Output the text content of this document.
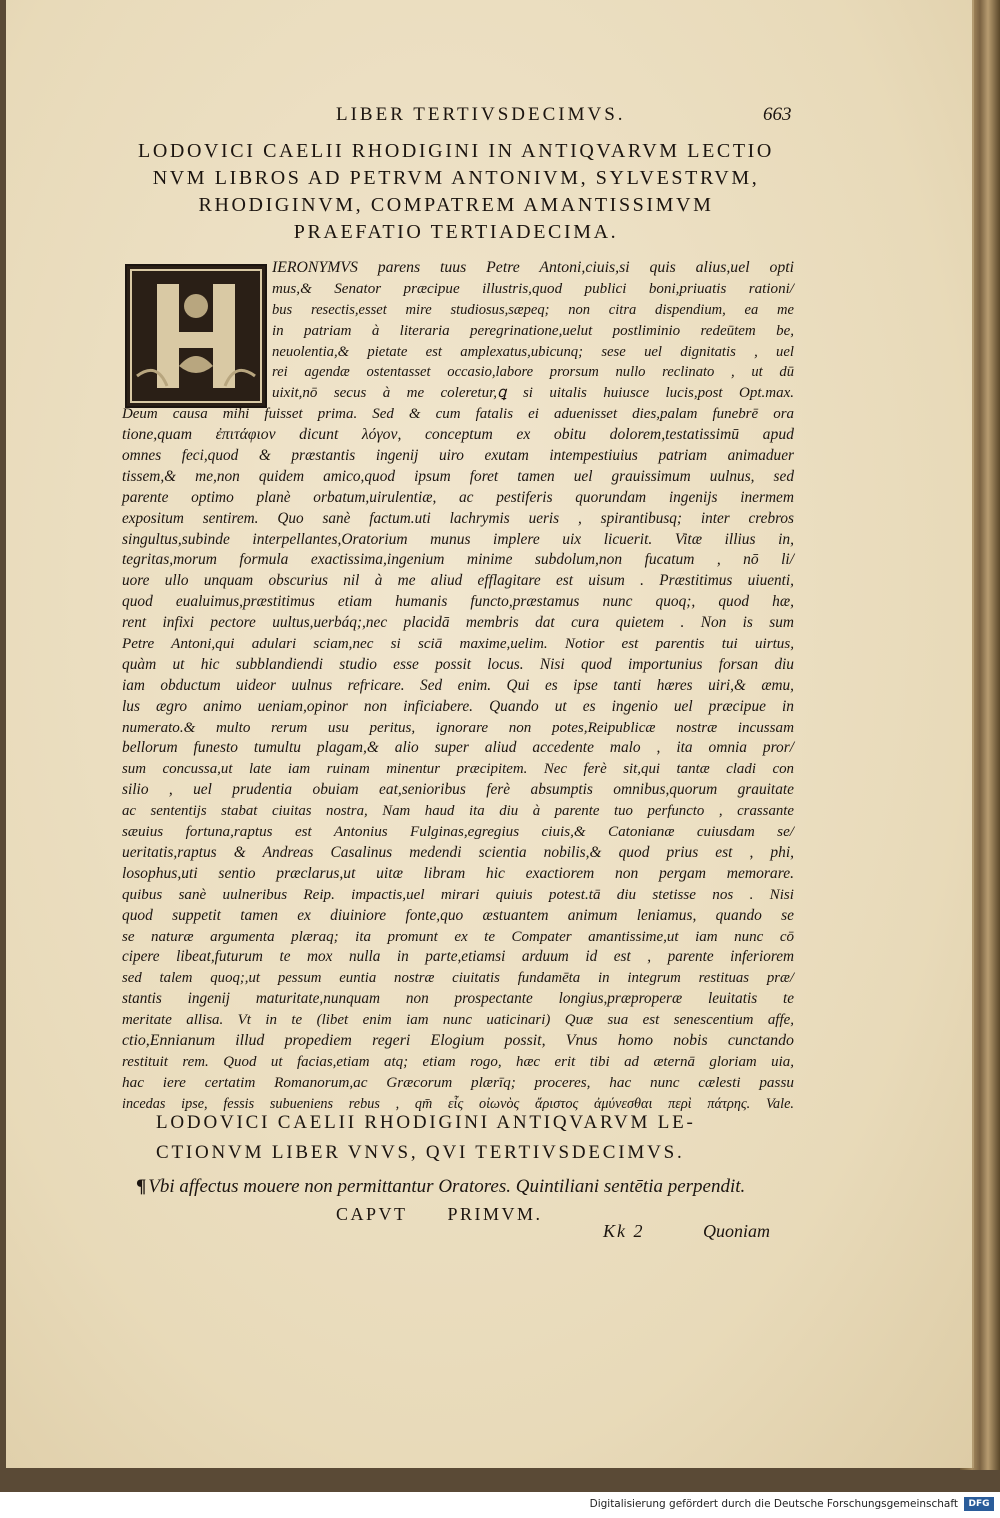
LIBER TERTIVSDECIMVS.	663
LODOVICI CAELII RHODIGINI IN ANTIQVARVM LECTIO
NVM LIBROS AD PETRVM ANTONIVM, SYLVESTRVM,
RHODIGINVM, COMPATREM AMANTISSIMVM
PRAEFATIO TERTIADECIMA.
IERONYMVS parens tuus Petre Antoni,ciuis,si quis alius,uel opti
mus,& Senator præcipue illustris,quod publici boni,priuatis rationi/
bus resectis,esset mire studiosus,sæpeq; non citra dispendium, ea me
in patriam à literaria peregrinatione,uelut postliminio redeūtem be,
neuolentia,& pietate est amplexatus,ubicunq; sese uel dignitatis , uel
rei agendæ ostentasset occasio,labore prorsum nullo reclinato , ut dū
uixit,nō secus à me coleretur,ꝗ si uitalis huiusce lucis,post Opt.max.
Deum causa mihi fuisset prima. Sed & cum fatalis ei aduenisset dies,palam funebrē ora
tione,quam ἐπιτάφιον dicunt λόγον, conceptum ex obitu dolorem,testatissimū apud
omnes feci,quod & præstantis ingenij uiro exutam intempestiuius patriam animaduer
tissem,& me,non quidem amico,quod ipsum foret tamen uel grauissimum uulnus, sed
parente optimo planè orbatum,uirulentiæ, ac pestiferis quorundam ingenijs inermem
expositum sentirem. Quo sanè factum.uti lachrymis ueris , spirantibusq; inter crebros
singultus,subinde interpellantes,Oratorium munus implere uix licuerit. Vitæ illius in,
tegritas,morum formula exactissima,ingenium minime subdolum,non fucatum , nō li/
uore ullo unquam obscurius nil à me aliud efflagitare est uisum . Præstitimus uiuenti,
quod eualuimus,præstitimus etiam humanis functo,præstamus nunc quoq;, quod hæ,
rent infixi pectore uultus,uerbáq;,nec placidā membris dat cura quietem . Non is sum
Petre Antoni,qui adulari sciam,nec si sciā maxime,uelim. Notior est parentis tui uirtus,
quàm ut hic subblandiendi studio esse possit locus. Nisi quod importunius forsan diu
iam obductum uideor uulnus refricare. Sed enim. Qui es ipse tanti hæres uiri,& æmu,
lus ægro animo ueniam,opinor non inficiabere. Quando ut es ingenio uel præcipue in
numerato.& multo rerum usu peritus, ignorare non potes,Reipublicæ nostræ incussam
bellorum funesto tumultu plagam,& alio super aliud accedente malo , ita omnia pror/
sum concussa,ut late iam ruinam minentur præcipitem. Nec ferè sit,qui tantæ cladi con
silio , uel prudentia obuiam eat,senioribus ferè absumptis omnibus,quorum grauitate
ac sententijs stabat ciuitas nostra, Nam haud ita diu à parente tuo perfuncto , crassante
sæuius fortuna,raptus est Antonius Fulginas,egregius ciuis,& Catonianæ cuiusdam se/
ueritatis,raptus & Andreas Casalinus medendi scientia nobilis,& quod prius est , phi,
losophus,uti sentio præclarus,ut uitæ libram hic exactiorem non pergam memorare.
quibus sanè uulneribus Reip. impactis,uel mirari quiuis potest.tā diu stetisse nos . Nisi
quod suppetit tamen ex diuiniore fonte,quo æstuantem animum leniamus, quando se
se naturæ argumenta plæraq; ita promunt ex te Compater amantissime,ut iam nunc cō
cipere libeat,futurum te mox nulla in parte,etiamsi arduum id est , parente inferiorem
sed talem quoq;,ut pessum euntia nostræ ciuitatis fundamēta in integrum restituas præ/
stantis ingenij maturitate,nunquam non prospectante longius,præproperæ leuitatis te
meritate allisa. Vt in te (libet enim iam nunc uaticinari) Quæ sua est senescentium affe,
ctio,Ennianum illud propediem regeri Elogium possit, Vnus homo nobis cunctando
restituit rem. Quod ut facias,etiam atq; etiam rogo, hæc erit tibi ad æternā gloriam uia,
hac iere certatim Romanorum,ac Græcorum plærīq; proceres, hac nunc cælesti passu
incedas ipse, fessis subueniens rebus , qm̄ εἷς οἰωνὸς ἄριστος ἀμύνεσθαι περὶ πάτρης. Vale.
LODOVICI CAELII RHODIGINI ANTIQVARVM LE-
CTIONVM LIBER VNVS, QVI TERTIVSDECIMVS.
¶ Vbi affectus mouere non permittantur Oratores. Quintiliani sentētia perpendit.
CAPVT PRIMVM.
Kk 2	Quoniam
Digitalisierung gefördert durch die Deutsche Forschungsgemeinschaft	DFG
